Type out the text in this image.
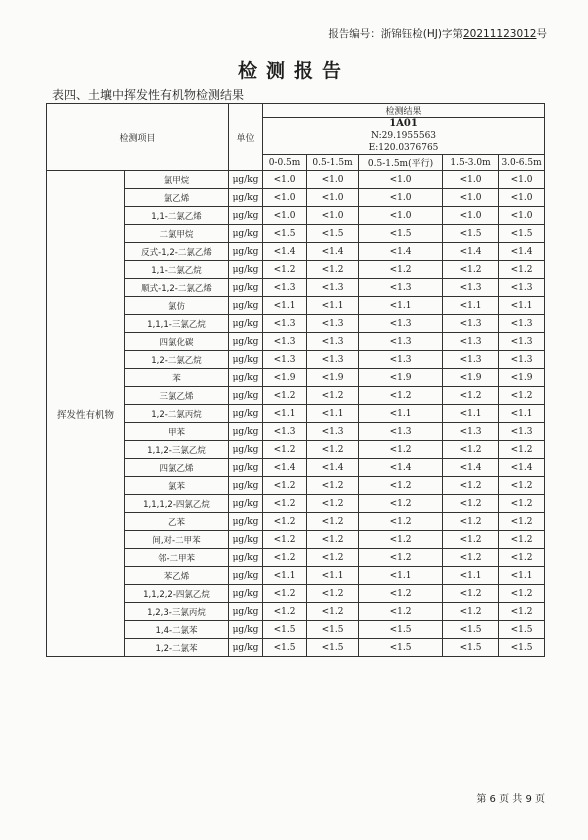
报告编号：浙锦钰检(HJ)字第20211123012号
检测报告
表四、土壤中挥发性有机物检测结果
检测项目		单位	检测结果				

			1A01
N:29.1955563
E:120.0376765				

			0-0.5m	0.5-1.5m	0.5-1.5m(平行)	1.5-3.0m	3.0-6.5m
挥发性有机物	氯甲烷	μg/kg	<1.0	<1.0	<1.0	<1.0	<1.0
	氯乙烯	μg/kg	<1.0	<1.0	<1.0	<1.0	<1.0
	1,1-二氯乙烯	μg/kg	<1.0	<1.0	<1.0	<1.0	<1.0
	二氯甲烷	μg/kg	<1.5	<1.5	<1.5	<1.5	<1.5
	反式-1,2-二氯乙烯	μg/kg	<1.4	<1.4	<1.4	<1.4	<1.4
	1,1-二氯乙烷	μg/kg	<1.2	<1.2	<1.2	<1.2	<1.2
	顺式-1,2-二氯乙烯	μg/kg	<1.3	<1.3	<1.3	<1.3	<1.3
	氯仿	μg/kg	<1.1	<1.1	<1.1	<1.1	<1.1
	1,1,1-三氯乙烷	μg/kg	<1.3	<1.3	<1.3	<1.3	<1.3
	四氯化碳	μg/kg	<1.3	<1.3	<1.3	<1.3	<1.3
	1,2-二氯乙烷	μg/kg	<1.3	<1.3	<1.3	<1.3	<1.3
	苯	μg/kg	<1.9	<1.9	<1.9	<1.9	<1.9
	三氯乙烯	μg/kg	<1.2	<1.2	<1.2	<1.2	<1.2
	1,2-二氯丙烷	μg/kg	<1.1	<1.1	<1.1	<1.1	<1.1
	甲苯	μg/kg	<1.3	<1.3	<1.3	<1.3	<1.3
	1,1,2-三氯乙烷	μg/kg	<1.2	<1.2	<1.2	<1.2	<1.2
	四氯乙烯	μg/kg	<1.4	<1.4	<1.4	<1.4	<1.4
	氯苯	μg/kg	<1.2	<1.2	<1.2	<1.2	<1.2
	1,1,1,2-四氯乙烷	μg/kg	<1.2	<1.2	<1.2	<1.2	<1.2
	乙苯	μg/kg	<1.2	<1.2	<1.2	<1.2	<1.2
	间,对-二甲苯	μg/kg	<1.2	<1.2	<1.2	<1.2	<1.2
	邻-二甲苯	μg/kg	<1.2	<1.2	<1.2	<1.2	<1.2
	苯乙烯	μg/kg	<1.1	<1.1	<1.1	<1.1	<1.1
	1,1,2,2-四氯乙烷	μg/kg	<1.2	<1.2	<1.2	<1.2	<1.2
	1,2,3-三氯丙烷	μg/kg	<1.2	<1.2	<1.2	<1.2	<1.2
	1,4-二氯苯	μg/kg	<1.5	<1.5	<1.5	<1.5	<1.5
	1,2-二氯苯	μg/kg	<1.5	<1.5	<1.5	<1.5	<1.5
第 6 页 共 9 页
